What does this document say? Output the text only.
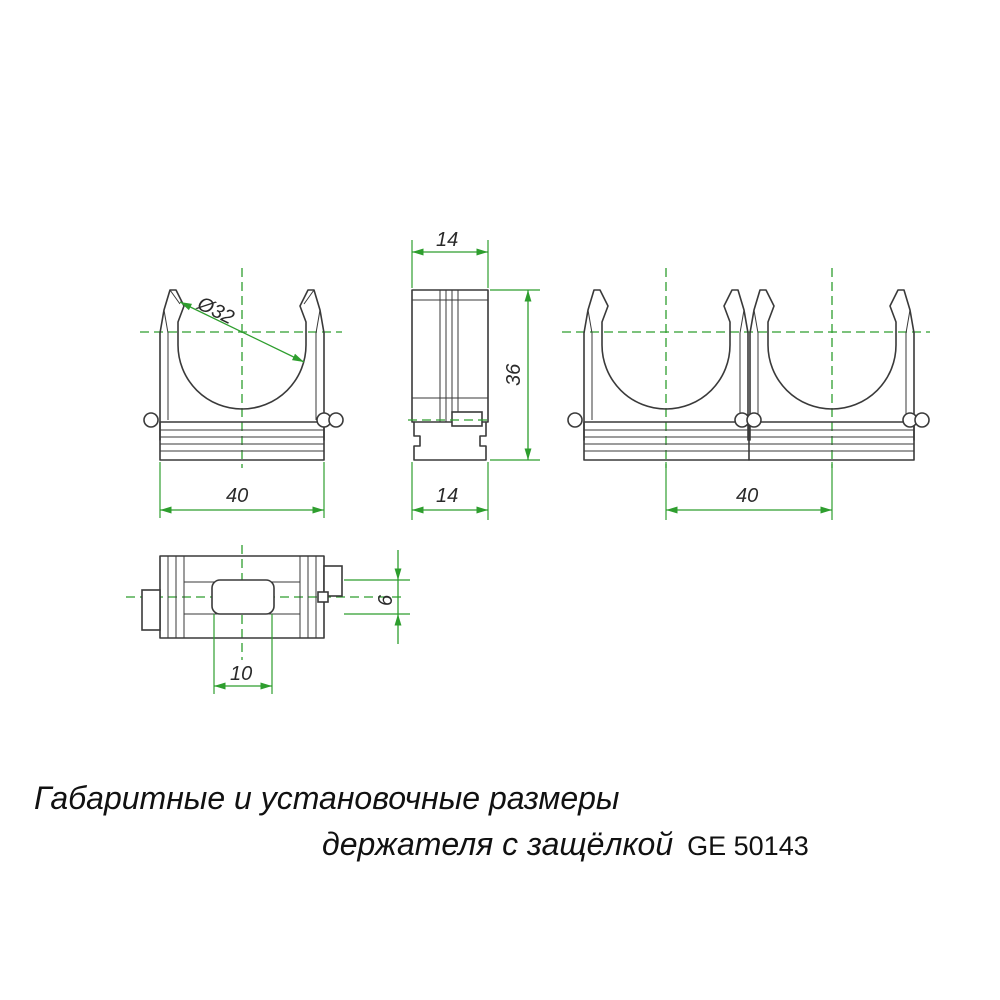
Ø32
40
14
36
14	40
6
10
Габаритные и установочные размеры
держателя с защёлкой GE 50143
